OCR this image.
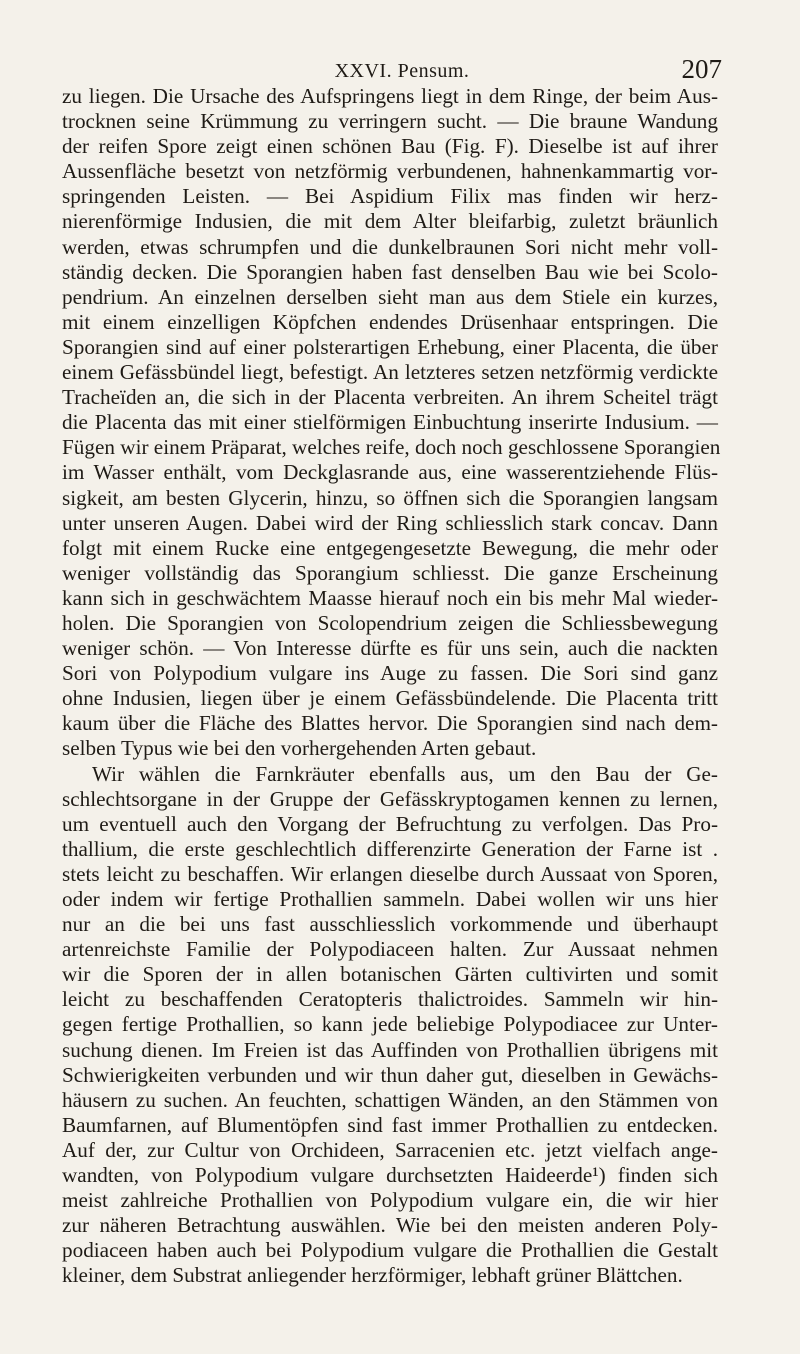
XXVI. Pensum.	207
zu liegen. Die Ursache des Aufspringens liegt in dem Ringe, der beim Aus-
trocknen seine Krümmung zu verringern sucht. — Die braune Wandung
der reifen Spore zeigt einen schönen Bau (Fig. F). Dieselbe ist auf ihrer
Aussenfläche besetzt von netzförmig verbundenen, hahnenkammartig vor-
springenden Leisten. — Bei Aspidium Filix mas finden wir herz-
nierenförmige Indusien, die mit dem Alter bleifarbig, zuletzt bräunlich
werden, etwas schrumpfen und die dunkelbraunen Sori nicht mehr voll-
ständig decken. Die Sporangien haben fast denselben Bau wie bei Scolo-
pendrium. An einzelnen derselben sieht man aus dem Stiele ein kurzes,
mit einem einzelligen Köpfchen endendes Drüsenhaar entspringen. Die
Sporangien sind auf einer polsterartigen Erhebung, einer Placenta, die über
einem Gefässbündel liegt, befestigt. An letzteres setzen netzförmig verdickte
Tracheïden an, die sich in der Placenta verbreiten. An ihrem Scheitel trägt
die Placenta das mit einer stielförmigen Einbuchtung inserirte Indusium. —
Fügen wir einem Präparat, welches reife, doch noch geschlossene Sporangien
im Wasser enthält, vom Deckglasrande aus, eine wasserentziehende Flüs-
sigkeit, am besten Glycerin, hinzu, so öffnen sich die Sporangien langsam
unter unseren Augen. Dabei wird der Ring schliesslich stark concav. Dann
folgt mit einem Rucke eine entgegengesetzte Bewegung, die mehr oder
weniger vollständig das Sporangium schliesst. Die ganze Erscheinung
kann sich in geschwächtem Maasse hierauf noch ein bis mehr Mal wieder-
holen. Die Sporangien von Scolopendrium zeigen die Schliessbewegung
weniger schön. — Von Interesse dürfte es für uns sein, auch die nackten
Sori von Polypodium vulgare ins Auge zu fassen. Die Sori sind ganz
ohne Indusien, liegen über je einem Gefässbündelende. Die Placenta tritt
kaum über die Fläche des Blattes hervor. Die Sporangien sind nach dem-
selben Typus wie bei den vorhergehenden Arten gebaut.
Wir wählen die Farnkräuter ebenfalls aus, um den Bau der Ge-
schlechtsorgane in der Gruppe der Gefässkryptogamen kennen zu lernen,
um eventuell auch den Vorgang der Befruchtung zu verfolgen. Das Pro-
thallium, die erste geschlechtlich differenzirte Generation der Farne ist .
stets leicht zu beschaffen. Wir erlangen dieselbe durch Aussaat von Sporen,
oder indem wir fertige Prothallien sammeln. Dabei wollen wir uns hier
nur an die bei uns fast ausschliesslich vorkommende und überhaupt
artenreichste Familie der Polypodiaceen halten. Zur Aussaat nehmen
wir die Sporen der in allen botanischen Gärten cultivirten und somit
leicht zu beschaffenden Ceratopteris thalictroides. Sammeln wir hin-
gegen fertige Prothallien, so kann jede beliebige Polypodiacee zur Unter-
suchung dienen. Im Freien ist das Auffinden von Prothallien übrigens mit
Schwierigkeiten verbunden und wir thun daher gut, dieselben in Gewächs-
häusern zu suchen. An feuchten, schattigen Wänden, an den Stämmen von
Baumfarnen, auf Blumentöpfen sind fast immer Prothallien zu entdecken.
Auf der, zur Cultur von Orchideen, Sarracenien etc. jetzt vielfach ange-
wandten, von Polypodium vulgare durchsetzten Haideerde¹) finden sich
meist zahlreiche Prothallien von Polypodium vulgare ein, die wir hier
zur näheren Betrachtung auswählen. Wie bei den meisten anderen Poly-
podiaceen haben auch bei Polypodium vulgare die Prothallien die Gestalt
kleiner, dem Substrat anliegender herzförmiger, lebhaft grüner Blättchen.
